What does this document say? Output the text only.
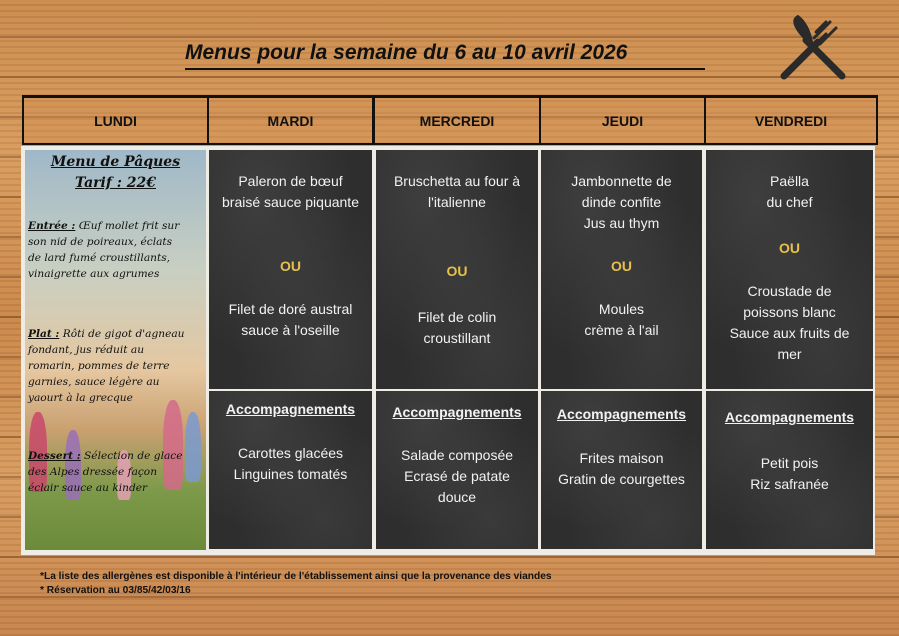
Menus pour la semaine du 6 au 10 avril 2026
LUNDI	MARDI	MERCREDI	JEUDI	VENDREDI
Menu de Pâques
Tarif : 22€
Entrée : Œuf mollet frit sur
son nid de poireaux, éclats
de lard fumé croustillants,
vinaigrette aux agrumes
Plat : Rôti de gigot d'agneau
fondant, jus réduit au
romarin, pommes de terre
garnies, sauce légère au
yaourt à la grecque
Dessert : Sélection de glace
des Alpes dressée façon
éclair sauce au kinder
Paleron de bœuf
braisé sauce piquante
OU
Filet de doré austral
sauce à l'oseille
Accompagnements
Carottes glacées
Linguines tomatés
Bruschetta au four à
l'italienne
OU
Filet de colin
croustillant
Accompagnements
Salade composée
Ecrasé de patate
douce
Jambonnette de
dinde confite
Jus au thym
OU
Moules
crème à l'ail
Accompagnements
Frites maison
Gratin de courgettes
Paëlla
du chef
OU
Croustade de
poissons blanc
Sauce aux fruits de
mer
Accompagnements
Petit pois
Riz safranée
*La liste des allergènes est disponible à l'intérieur de l'établissement ainsi que la provenance des viandes
* Réservation au 03/85/42/03/16
